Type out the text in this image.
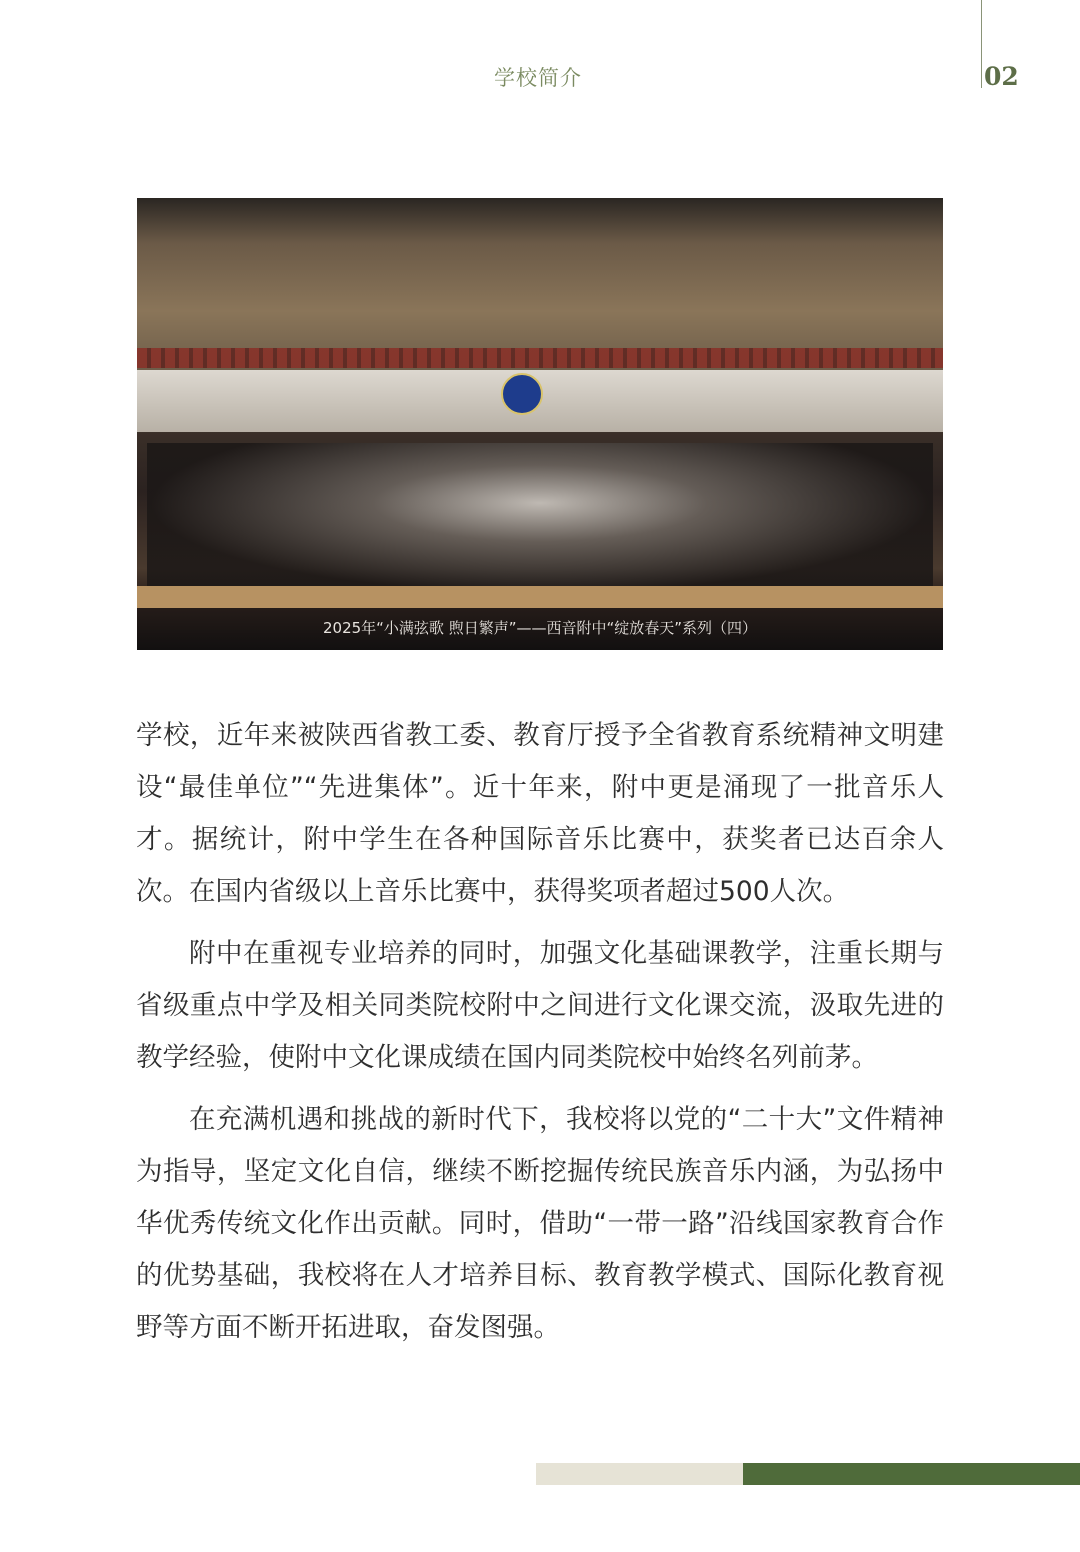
学校简介	02
2025年“小满弦歌 煦日繁声”——西音附中“绽放春天”系列（四）

学校，近年来被陕西省教工委、教育厅授予全省教育系统精神文明建设“最佳单位”“先进集体”。近十年来，附中更是涌现了一批音乐人才。据统计，附中学生在各种国际音乐比赛中，获奖者已达百余人次。在国内省级以上音乐比赛中，获得奖项者超过500人次。

附中在重视专业培养的同时，加强文化基础课教学，注重长期与省级重点中学及相关同类院校附中之间进行文化课交流，汲取先进的教学经验，使附中文化课成绩在国内同类院校中始终名列前茅。

在充满机遇和挑战的新时代下，我校将以党的“二十大”文件精神为指导，坚定文化自信，继续不断挖掘传统民族音乐内涵，为弘扬中华优秀传统文化作出贡献。同时，借助“一带一路”沿线国家教育合作的优势基础，我校将在人才培养目标、教育教学模式、国际化教育视野等方面不断开拓进取，奋发图强。
